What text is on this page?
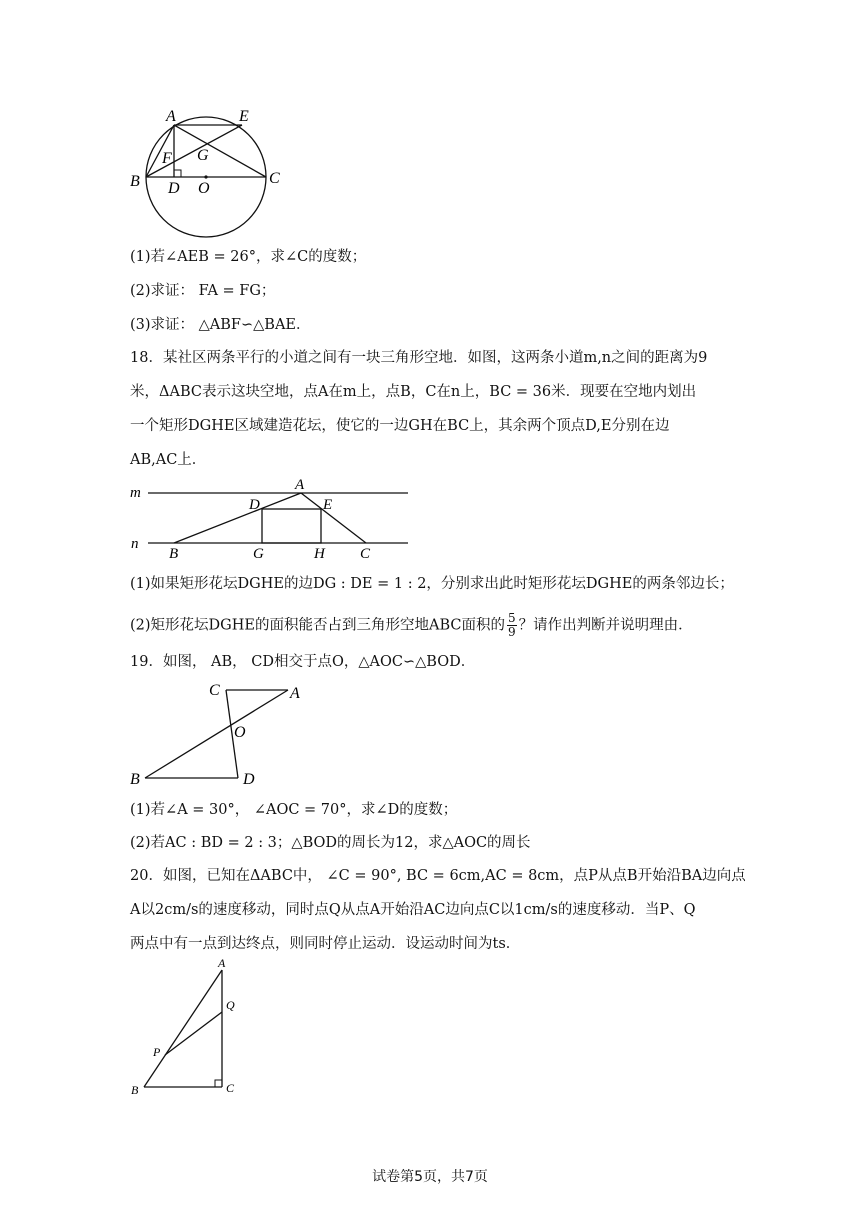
A	E
F G
B D O
C
(1)若∠AEB = 26°，求∠C的度数；
(2)求证： FA = FG；
(3)求证： △ABF∽△BAE．
18．某社区两条平行的小道之间有一块三角形空地．如图，这两条小道m,n之间的距离为9
米，ΔABC表示这块空地，点A在m上，点B，C在n上，BC = 36米．现要在空地内划出
一个矩形DGHE区域建造花坛，使它的一边GH在BC上，其余两个顶点D,E分别在边
AB,AC上．
m
n
A
D	E
B	G	H C
(1)如果矩形花坛DGHE的边DG : DE = 1 : 2，分别求出此时矩形花坛DGHE的两条邻边长；
(2)矩形花坛DGHE的面积能否占到三角形空地ABC面积的 $\frac{5}{9}$ ？请作出判断并说明理由．
19．如图， AB， CD相交于点O，△AOC∽△BOD．
C	A
O
B	D
(1)若∠A = 30°， ∠AOC = 70°，求∠D的度数；
(2)若AC : BD = 2 : 3；△BOD的周长为12，求△AOC的周长
20．如图，已知在ΔABC中， ∠C = 90°, BC = 6cm,AC = 8cm，点P从点B开始沿BA边向点
A以2cm/s的速度移动，同时点Q从点A开始沿AC边向点C以1cm/s的速度移动．当P、Q
两点中有一点到达终点，则同时停止运动．设运动时间为ts．
A
Q
P
B	C
试卷第5页，共7页
